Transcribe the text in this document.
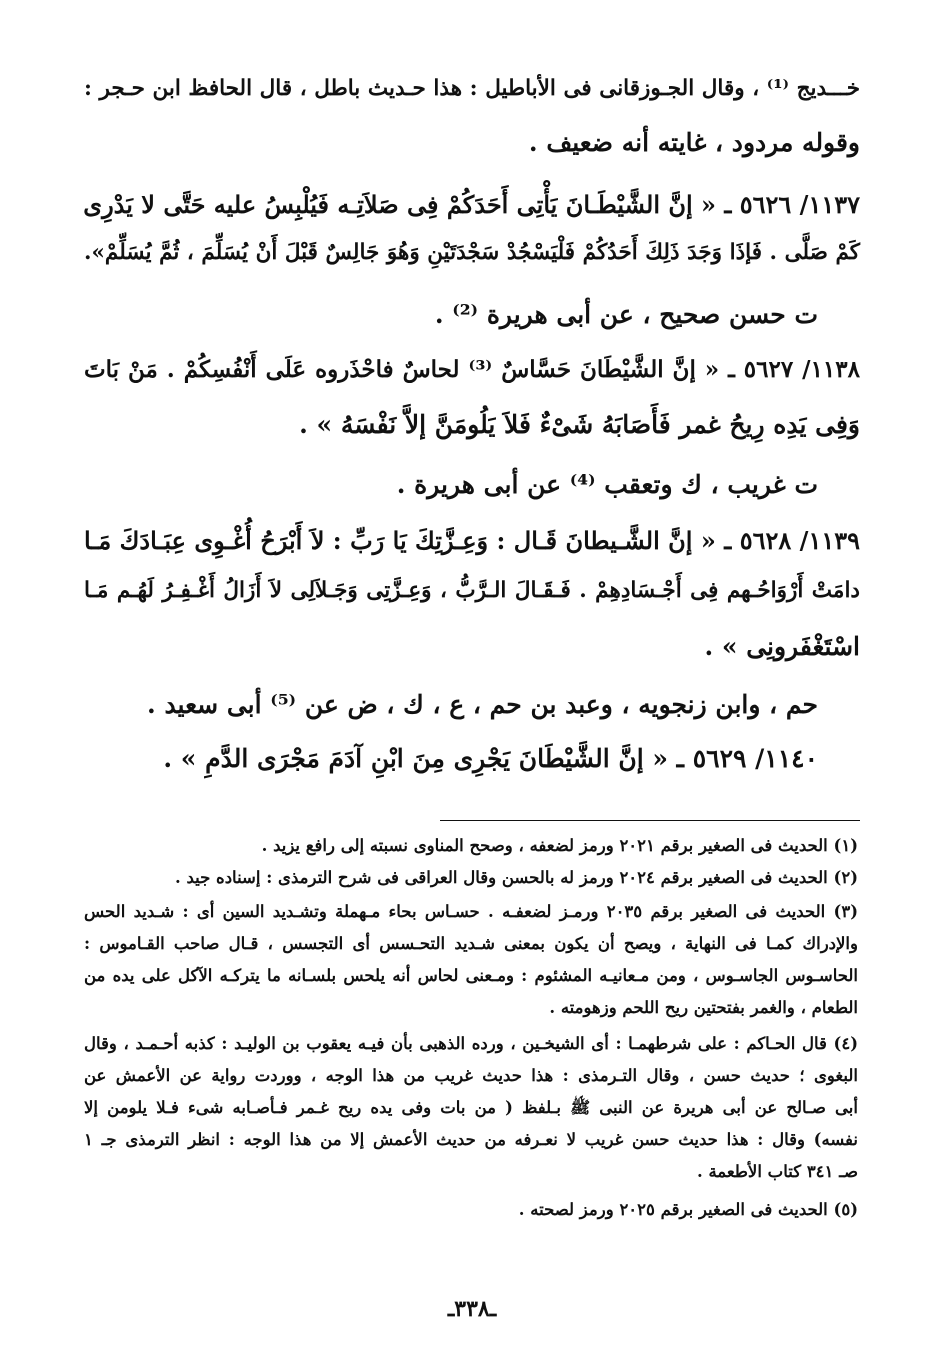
خـــديج ⁽¹⁾ ، وقال الجـوزقانى فى الأباطيل : هذا حـديث باطل ، قال الحافظ ابن حـجر :
وقوله مردود ، غايته أنه ضعيف .
١١٣٧/ ٥٦٢٦ ـ « إنَّ الشَّيْطَـانَ يَأْتِى أَحَدَكُمْ فِى صَلاَتِـه فَيُلْبِسُ عليه حَتَّى لا يَدْرِى
كَمْ صَلَّى . فَإذَا وَجَدَ ذَلِكَ أَحَدُكُمْ فَلْيَسْجُدْ سَجْدَتَيْنِ وَهُوَ جَالِسٌ قَبْلَ أَنْ يُسَلِّمَ ، ثُمَّ يُسَلِّمْ».
ت حسن صحيح ، عن أبى هريرة ⁽²⁾ .
١١٣٨/ ٥٦٢٧ ـ « إنَّ الشَّيْطَانَ حَسَّاسٌ ⁽³⁾ لحاسٌ فاحْذَروه عَلَى أَنْفُسِكُمْ . مَنْ بَاتَ
وَفِى يَدِه رِيحُ غمر فَأَصَابَهُ شَىْءٌ فَلاَ يَلُومَنَّ إلاَّ نَفْسَهُ » .
ت غريب ، ك وتعقب ⁽⁴⁾ عن أبى هريرة .
١١٣٩/ ٥٦٢٨ ـ « إنَّ الشَّـيطانَ قَـال : وَعِـزَّتِكَ يَا رَبِّ : لاَ أَبْرَحُ أُغْـوِى عِبَـادَكَ مَـا
دامَتْ أَرْوَاحُـهم فِى أَجْـسَادِهِمْ . فَـقَـالَ الـرَّبُّ ، وَعِـزَّتِى وَجَـلاَلِى لاَ أَزَالُ أَغْـفِـرُ لَهُـم مَـا
اسْتَغْفَرونِى » .
حم ، وابن زنجويه ، وعبد بن حم ، ع ، ك ، ض عن ⁽⁵⁾ أبى سعيد .
١١٤٠/ ٥٦٢٩ ـ « إنَّ الشَّيْطَانَ يَجْرِى مِنَ ابْنِ آدَمَ مَجْرَى الدَّمِ » .
(١) الحديث فى الصغير برقم ٢٠٢١ ورمز لضعفه ، وصحح المناوى نسبته إلى رافع يزيد .
(٢) الحديث فى الصغير برقم ٢٠٢٤ ورمز له بالحسن وقال العراقى فى شرح الترمذى : إسناده جيد .
(٣) الحديث فى الصغير برقم ٢٠٣٥ ورمـز لضعفـه . حسـاس بحاء مـهملة وتشـديد السين أى : شـديد الحس
والإدراك كمـا فى النهاية ، ويصح أن يكون بمعنى شـديد التحـسس أى التجسس ، قـال صاحب القـاموس :
الحاسـوس الجاسـوس ، ومن مـعانيـه المشئوم : ومـعنى لحاس أنه يلحس بلسـانه ما يتركـه الآكل على يده من
الطعام ، والغمر بفتحتين ريح اللحم وزهومته .
(٤) قال الحـاكم : على شرطهمـا : أى الشيخـين ، ورده الذهبى بأن فيـه يعقوب بن الوليـد : كذبه أحـمـد ، وقال
البغوى ؛ حديث حسن ، وقال التـرمذى : هذا حديث غريب من هذا الوجه ، ووردت رواية عن الأعمش عن
أبى صـالح عن أبى هريرة عن النبى ﷺ بـلفظ ( من بات وفى يده ريح غـمر فـأصـابه شىء فـلا يلومن إلا
نفسه) وقال : هذا حديث حسن غريب لا نعـرفه من حديث الأعمش إلا من هذا الوجه : انظر الترمذى جـ ١
صـ ٣٤١ كتاب الأطعمة .
(٥) الحديث فى الصغير برقم ٢٠٢٥ ورمز لصحته .
ـ٣٣٨ـ
